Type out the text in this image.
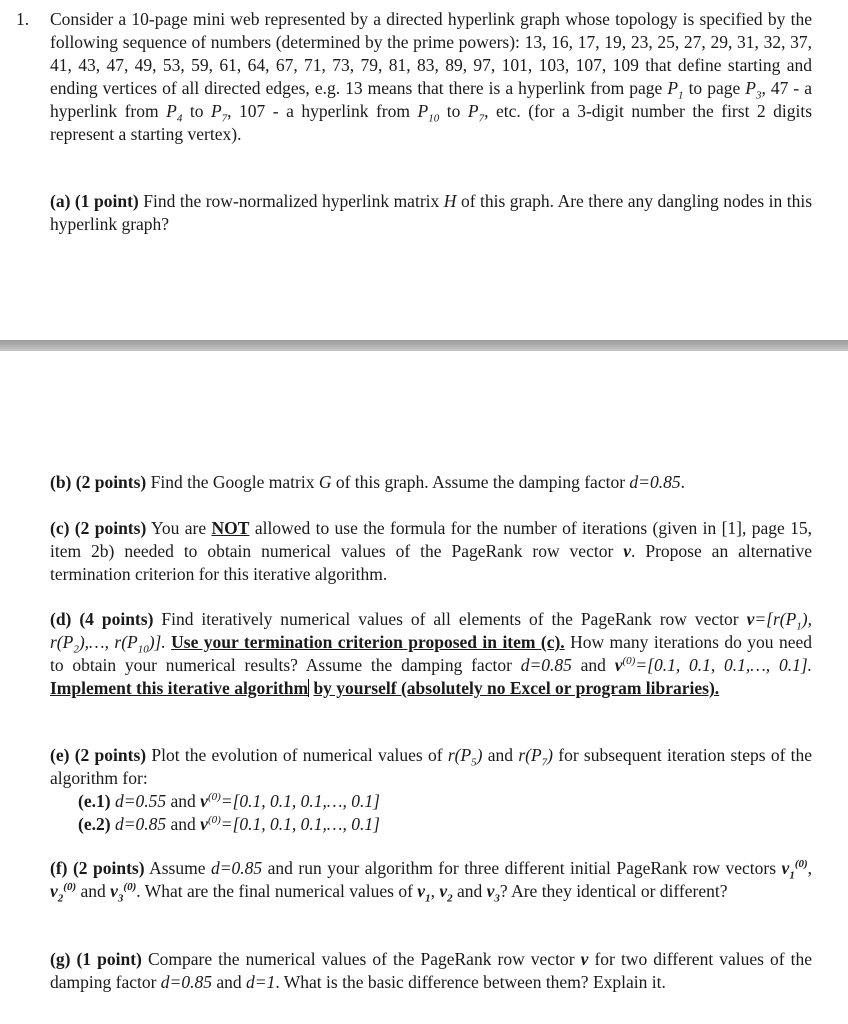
1. Consider a 10-page mini web represented by a directed hyperlink graph whose topology is specified by the following sequence of numbers (determined by the prime powers): 13, 16, 17, 19, 23, 25, 27, 29, 31, 32, 37, 41, 43, 47, 49, 53, 59, 61, 64, 67, 71, 73, 79, 81, 83, 89, 97, 101, 103, 107, 109 that define starting and ending vertices of all directed edges, e.g. 13 means that there is a hyperlink from page $P_1$ to page $P_3$, 47 - a hyperlink from $P_4$ to $P_7$, 107 - a hyperlink from $P_{10}$ to $P_7$, etc. (for a 3-digit number the first 2 digits represent a starting vertex).
(a) (1 point) Find the row-normalized hyperlink matrix H of this graph. Are there any dangling nodes in this hyperlink graph?
(b) (2 points) Find the Google matrix G of this graph. Assume the damping factor d=0.85.
(c) (2 points) You are NOT allowed to use the formula for the number of iterations (given in [1], page 15, item 2b) needed to obtain numerical values of the PageRank row vector v. Propose an alternative termination criterion for this iterative algorithm.
(d) (4 points) Find iteratively numerical values of all elements of the PageRank row vector $v=[r(P_1)$, $r(P_2),\dots$, $r(P_{10})$]. Use your termination criterion proposed in item (c). How many iterations do you need to obtain your numerical results? Assume the damping factor d=0.85 and $v^{(0)}=[0.1$, 0.1, 0.1,…, 0.1]. Implement this iterative algorithm by yourself (absolutely no Excel or program libraries).
(e) (2 points) Plot the evolution of numerical values of $r(P_5)$ and $r(P_7)$ for subsequent iteration steps of the algorithm for:
(e.1) d=0.55 and $v^{(0)}=[0.1$, 0.1, 0.1,…, 0.1]
(e.2) d=0.85 and $v^{(0)}=[0.1$, 0.1, 0.1,…, 0.1]
(f) (2 points) Assume d=0.85 and run your algorithm for three different initial PageRank row vectors $v_1^{(0)}$, $v_2^{(0)}$ and $v_3^{(0)}$. What are the final numerical values of $v_1$, $v_2$ and $v_3$? Are they identical or different?
(g) (1 point) Compare the numerical values of the PageRank row vector v for two different values of the damping factor d=0.85 and d=1. What is the basic difference between them? Explain it.
